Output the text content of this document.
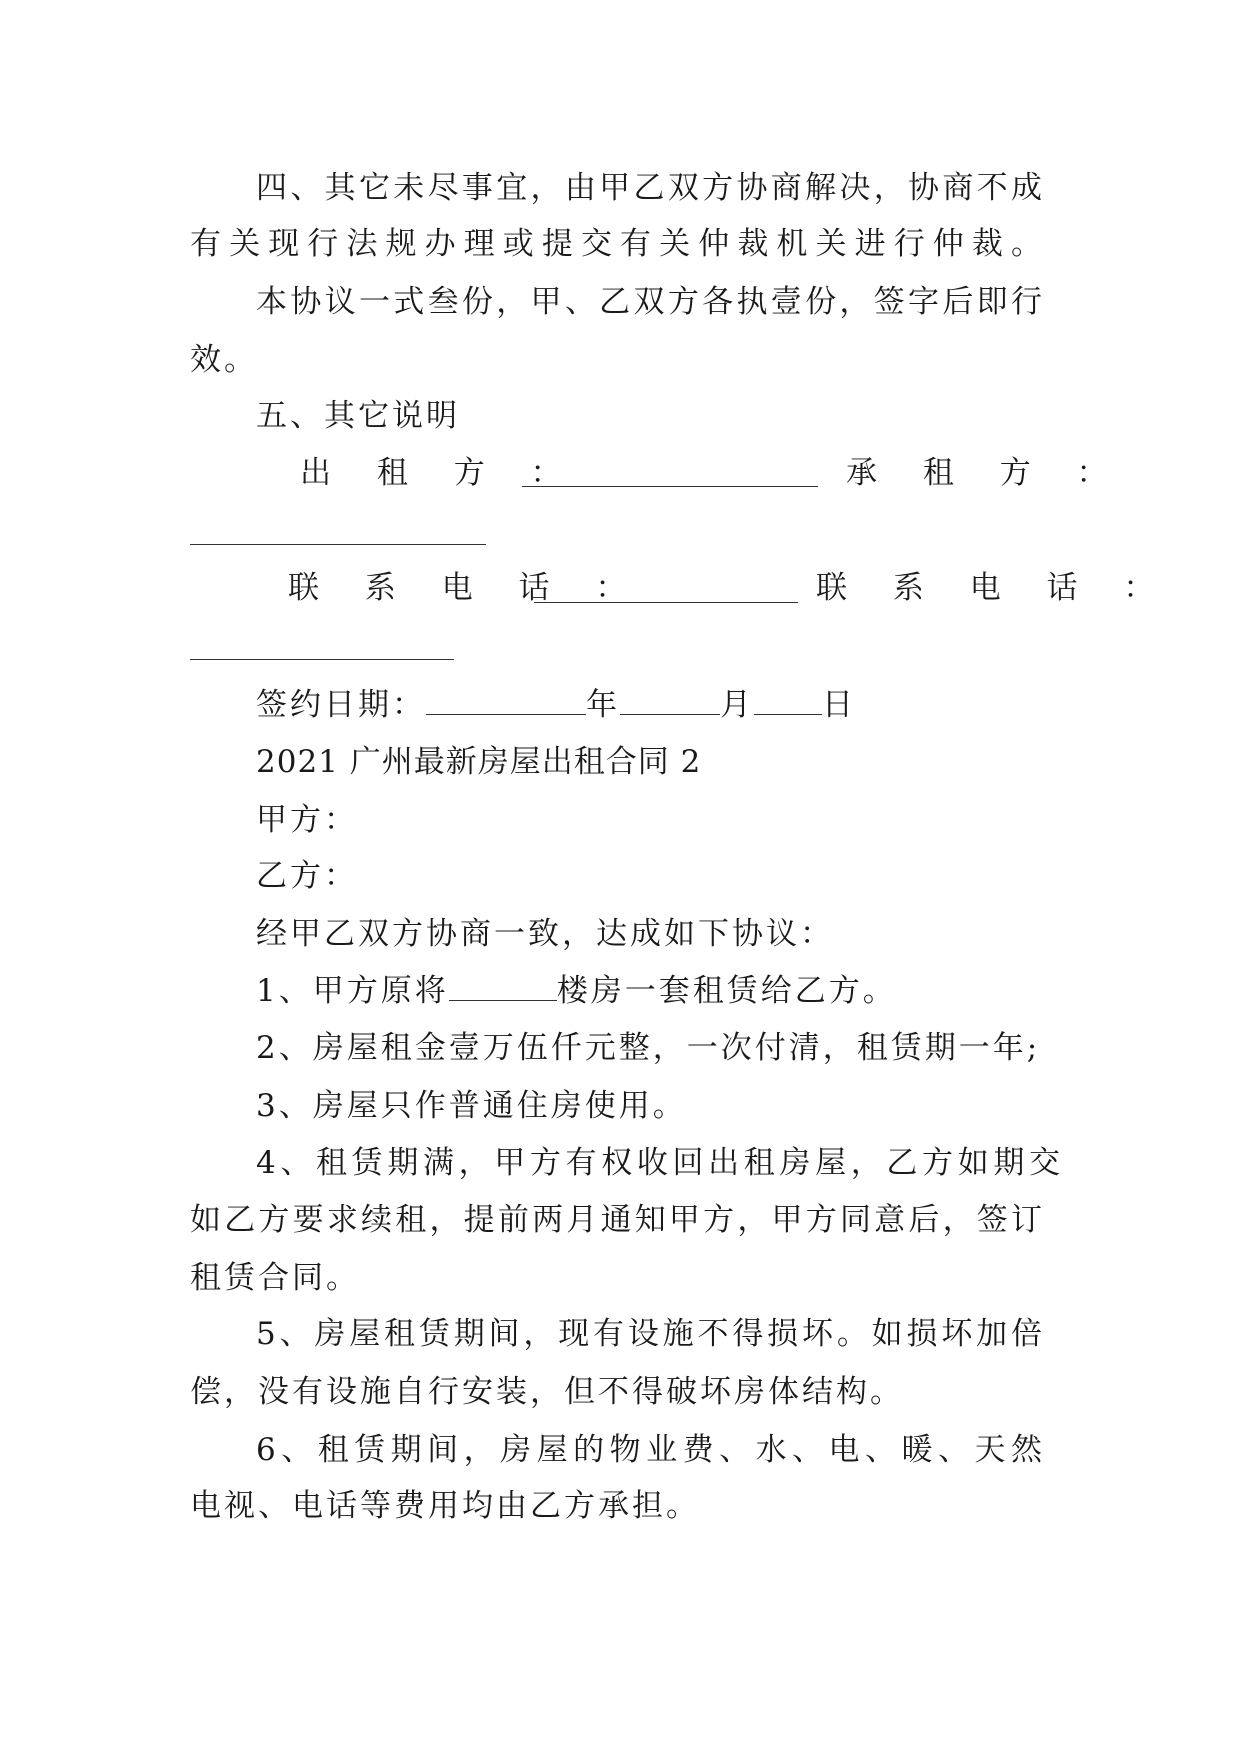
四、其它未尽事宜，由甲乙双方协商解决，协商不成
有关现行法规办理或提交有关仲裁机关进行仲裁。
本协议一式叁份，甲、乙双方各执壹份，签字后即行
效。
五、其它说明
出 租 方 ：	承 租 方 ：
联 系 电 话 ：	联 系 电 话 ：
签约日期：	年	月 日
2021 广州最新房屋出租合同 2
甲方：
乙方：
经甲乙双方协商一致，达成如下协议：
1、甲方原将	楼房一套租赁给乙方。
2、房屋租金壹万伍仟元整，一次付清，租赁期一年;
3、房屋只作普通住房使用。
4、租赁期满，甲方有权收回出租房屋，乙方如期交
如乙方要求续租，提前两月通知甲方，甲方同意后，签订
租赁合同。
5、房屋租赁期间，现有设施不得损坏。如损坏加倍
偿，没有设施自行安装，但不得破坏房体结构。
6、租赁期间，房屋的物业费、水、电、暖、天然
电视、电话等费用均由乙方承担。
